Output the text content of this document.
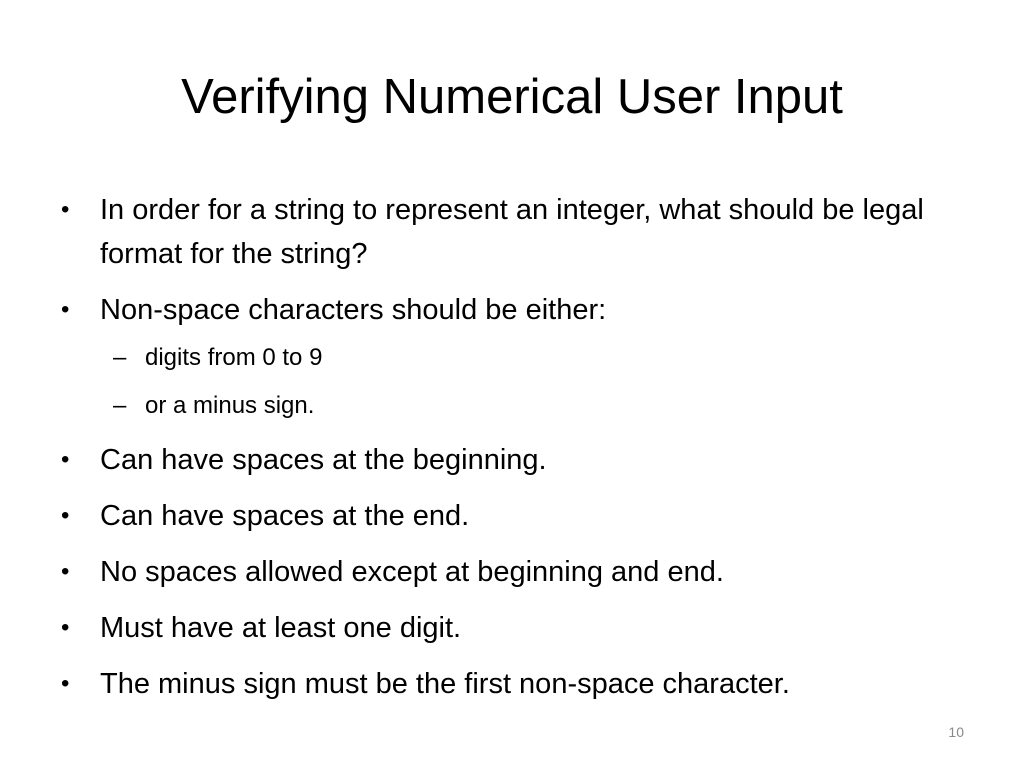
Verifying Numerical User Input
• In order for a string to represent an integer, what should be legal format for the string?
• Non-space characters should be either:
– digits from 0 to 9
– or a minus sign.
• Can have spaces at the beginning.
• Can have spaces at the end.
• No spaces allowed except at beginning and end.
• Must have at least one digit.
• The minus sign must be the first non-space character.
10
